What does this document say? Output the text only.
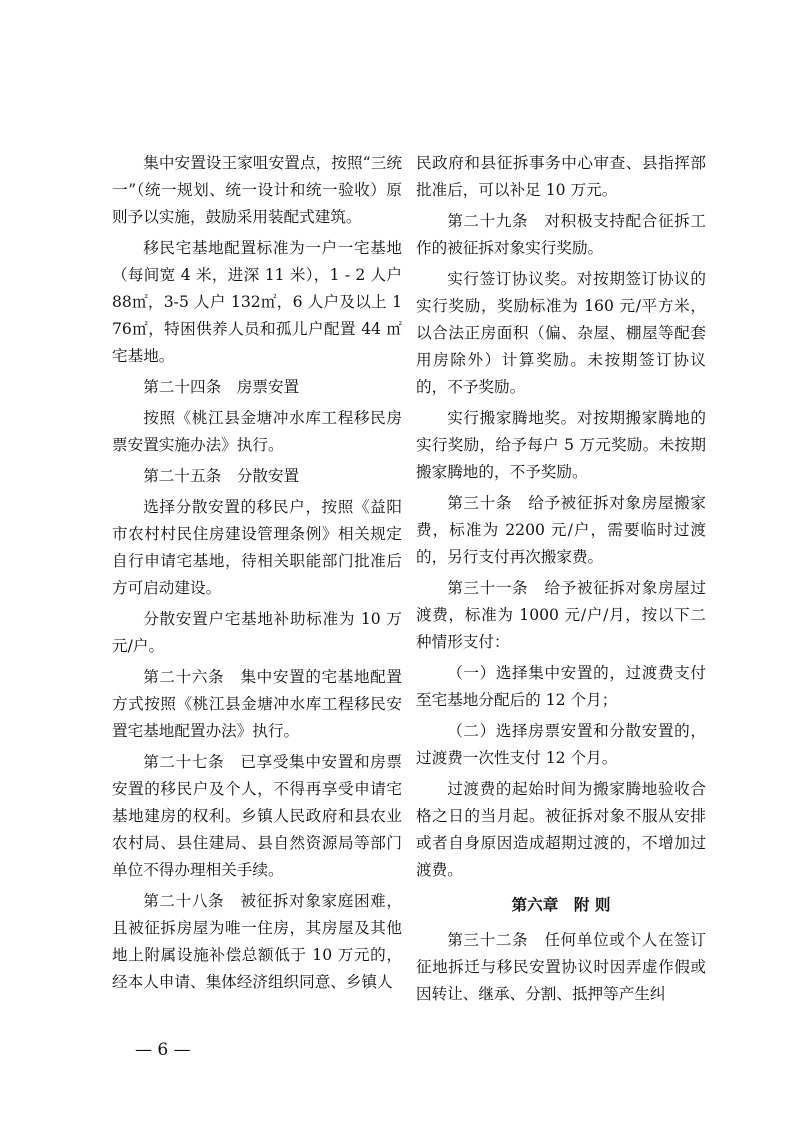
集中安置设王家咀安置点，按照“三统一”（统一规划、统一设计和统一验收）原则予以实施，鼓励采用装配式建筑。

移民宅基地配置标准为一户一宅基地（每间宽 4 米，进深 11 米），1 - 2 人户 88㎡，3-5 人户 132㎡，6 人户及以上 176㎡，特困供养人员和孤儿户配置 44 ㎡宅基地。

第二十四条　房票安置

按照《桃江县金塘冲水库工程移民房票安置实施办法》执行。

第二十五条　分散安置

选择分散安置的移民户，按照《益阳市农村村民住房建设管理条例》相关规定自行申请宅基地，待相关职能部门批准后方可启动建设。

分散安置户宅基地补助标准为 10 万元/户。

第二十六条　集中安置的宅基地配置方式按照《桃江县金塘冲水库工程移民安置宅基地配置办法》执行。

第二十七条　已享受集中安置和房票安置的移民户及个人，不得再享受申请宅基地建房的权利。乡镇人民政府和县农业农村局、县住建局、县自然资源局等部门单位不得办理相关手续。

第二十八条　被征拆对象家庭困难，且被征拆房屋为唯一住房，其房屋及其他地上附属设施补偿总额低于 10 万元的，经本人申请、集体经济组织同意、乡镇人

民政府和县征拆事务中心审查、县指挥部批准后，可以补足 10 万元。

第二十九条　对积极支持配合征拆工作的被征拆对象实行奖励。

实行签订协议奖。对按期签订协议的实行奖励，奖励标准为 160 元/平方米，以合法正房面积（偏、杂屋、棚屋等配套用房除外）计算奖励。未按期签订协议的，不予奖励。

实行搬家腾地奖。对按期搬家腾地的实行奖励，给予每户 5 万元奖励。未按期搬家腾地的，不予奖励。

第三十条　给予被征拆对象房屋搬家费，标准为 2200 元/户，需要临时过渡的，另行支付再次搬家费。

第三十一条　给予被征拆对象房屋过渡费，标准为 1000 元/户/月，按以下二种情形支付：

（一）选择集中安置的，过渡费支付至宅基地分配后的 12 个月；

（二）选择房票安置和分散安置的，过渡费一次性支付 12 个月。

过渡费的起始时间为搬家腾地验收合格之日的当月起。被征拆对象不服从安排或者自身原因造成超期过渡的，不增加过渡费。

第六章　附 则

第三十二条　任何单位或个人在签订征地拆迁与移民安置协议时因弄虚作假或因转让、继承、分割、抵押等产生纠

— 6 —
